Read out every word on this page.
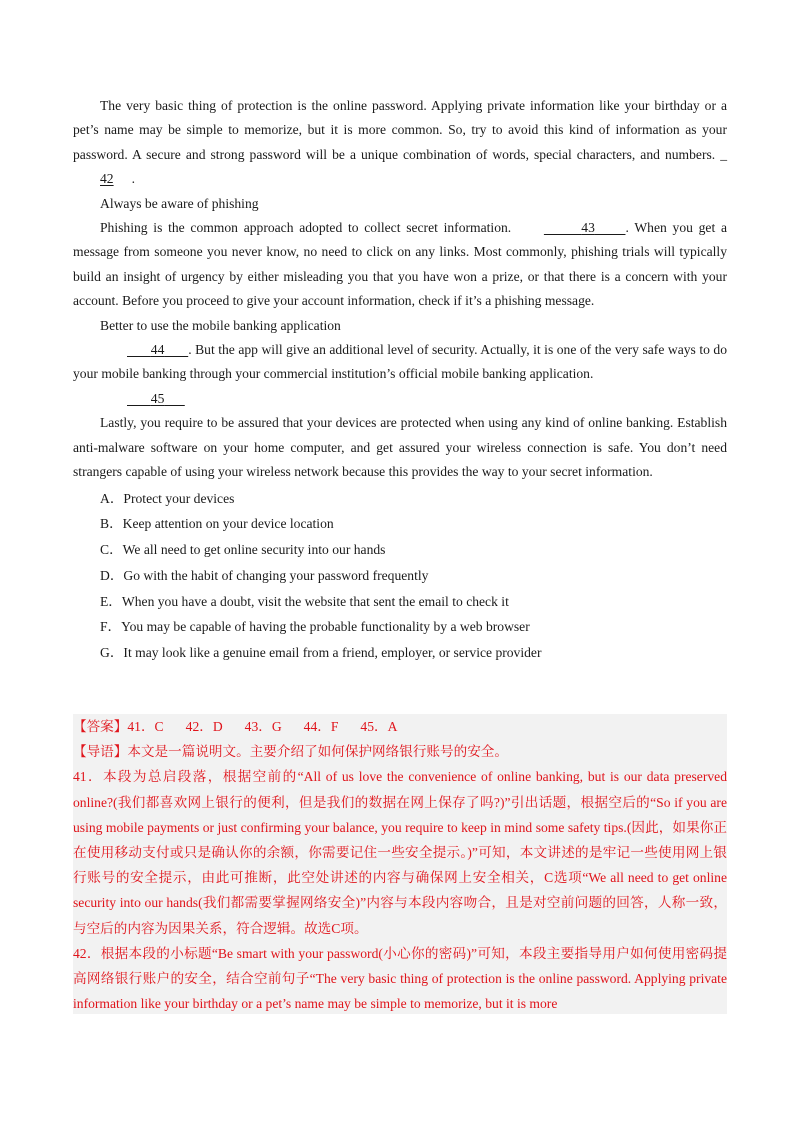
The very basic thing of protection is the online password. Applying private information like your birthday or a pet’s name may be simple to memorize, but it is more common. So, try to avoid this kind of information as your password. A secure and strong password will be a unique combination of words, special characters, and numbers. _ 42 .

Always be aware of phishing

Phishing is the common approach adopted to collect secret information.	43 . When you get a message from someone you never know, no need to click on any links. Most commonly, phishing trials will typically build an insight of urgency by either misleading you that you have won a prize, or that there is a concern with your account. Before you proceed to give your account information, check if it’s a phishing message.

Better to use the mobile banking application

44 . But the app will give an additional level of security. Actually, it is one of the very safe ways to do your mobile banking through your commercial institution’s official mobile banking application.

45

Lastly, you require to be assured that your devices are protected when using any kind of online banking. Establish anti-malware software on your home computer, and get assured your wireless connection is safe. You don’t need strangers capable of using your wireless network because this provides the way to your secret information.

A．Protect your devices
B．Keep attention on your device location
C．We all need to get online security into our hands
D．Go with the habit of changing your password frequently
E．When you have a doubt, visit the website that sent the email to check it
F．You may be capable of having the probable functionality by a web browser
G．It may look like a genuine email from a friend, employer, or service provider
【答案】41．C 42．D 43．G 44．F 45．A
【导语】本文是一篇说明文。主要介绍了如何保护网络银行账号的安全。
41．本段为总启段落，根据空前的“All of us love the convenience of online banking, but is our data preserved online?(我们都喜欢网上银行的便利，但是我们的数据在网上保存了吗?)”引出话题，根据空后的“So if you are using mobile payments or just confirming your balance, you require to keep in mind some safety tips.(因此，如果你正在使用移动支付或只是确认你的余额，你需要记住一些安全提示。)”可知，本文讲述的是牢记一些使用网上银行账号的安全提示，由此可推断，此空处讲述的内容与确保网上安全相关，C选项“We all need to get online security into our hands(我们都需要掌握网络安全)”内容与本段内容吻合，且是对空前问题的回答，人称一致，与空后的内容为因果关系，符合逻辑。故选C项。
42．根据本段的小标题“Be smart with your password(小心你的密码)”可知，本段主要指导用户如何使用密码提高网络银行账户的安全，结合空前句子“The very basic thing of protection is the online password. Applying private information like your birthday or a pet’s name may be simple to memorize, but it is more
